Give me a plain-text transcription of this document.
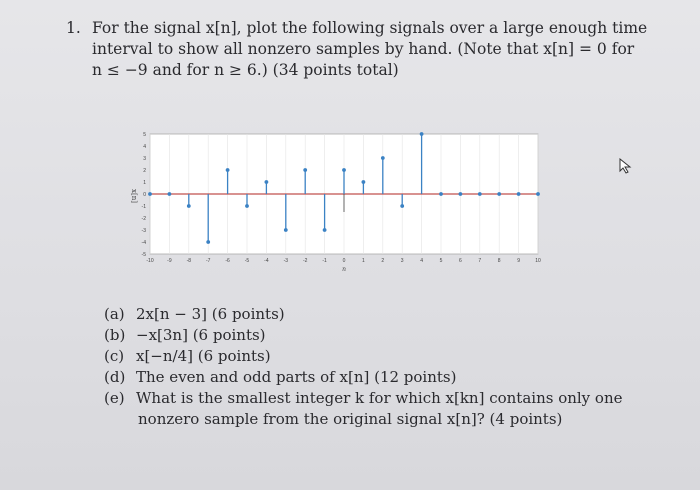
1. For the signal x[n], plot the following signals over a large enough time
interval to show all nonzero samples by hand. (Note that x[n] = 0 for
n ≤ −9 and for n ≥ 6.) (34 points total)
-5
-4
-3
-2
-1
0
1
2
3
4
5
-10	-9	-8	-7	-6	-5	-4	-3	-2	-1	0	1	2	3	4	5	6	7	8	9	10
n
x[n]
(a) 2x[n − 3] (6 points)
(b) −x[3n] (6 points)
(c) x[−n/4] (6 points)
(d) The even and odd parts of x[n] (12 points)
(e) What is the smallest integer k for which x[kn] contains only one
nonzero sample from the original signal x[n]? (4 points)
